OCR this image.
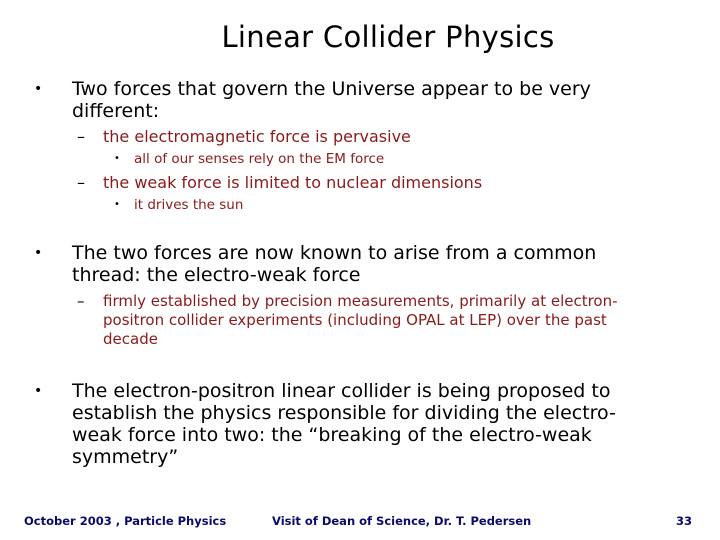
Linear Collider Physics
• Two forces that govern the Universe appear to be very
different:
– the electromagnetic force is pervasive
• all of our senses rely on the EM force
– the weak force is limited to nuclear dimensions
• it drives the sun
• The two forces are now known to arise from a common
thread: the electro-weak force
– firmly established by precision measurements, primarily at electron-
positron collider experiments (including OPAL at LEP) over the past
decade
• The electron-positron linear collider is being proposed to
establish the physics responsible for dividing the electro-
weak force into two: the “breaking of the electro-weak
symmetry”
October 2003 , Particle Physics	Visit of Dean of Science, Dr. T. Pedersen	33
